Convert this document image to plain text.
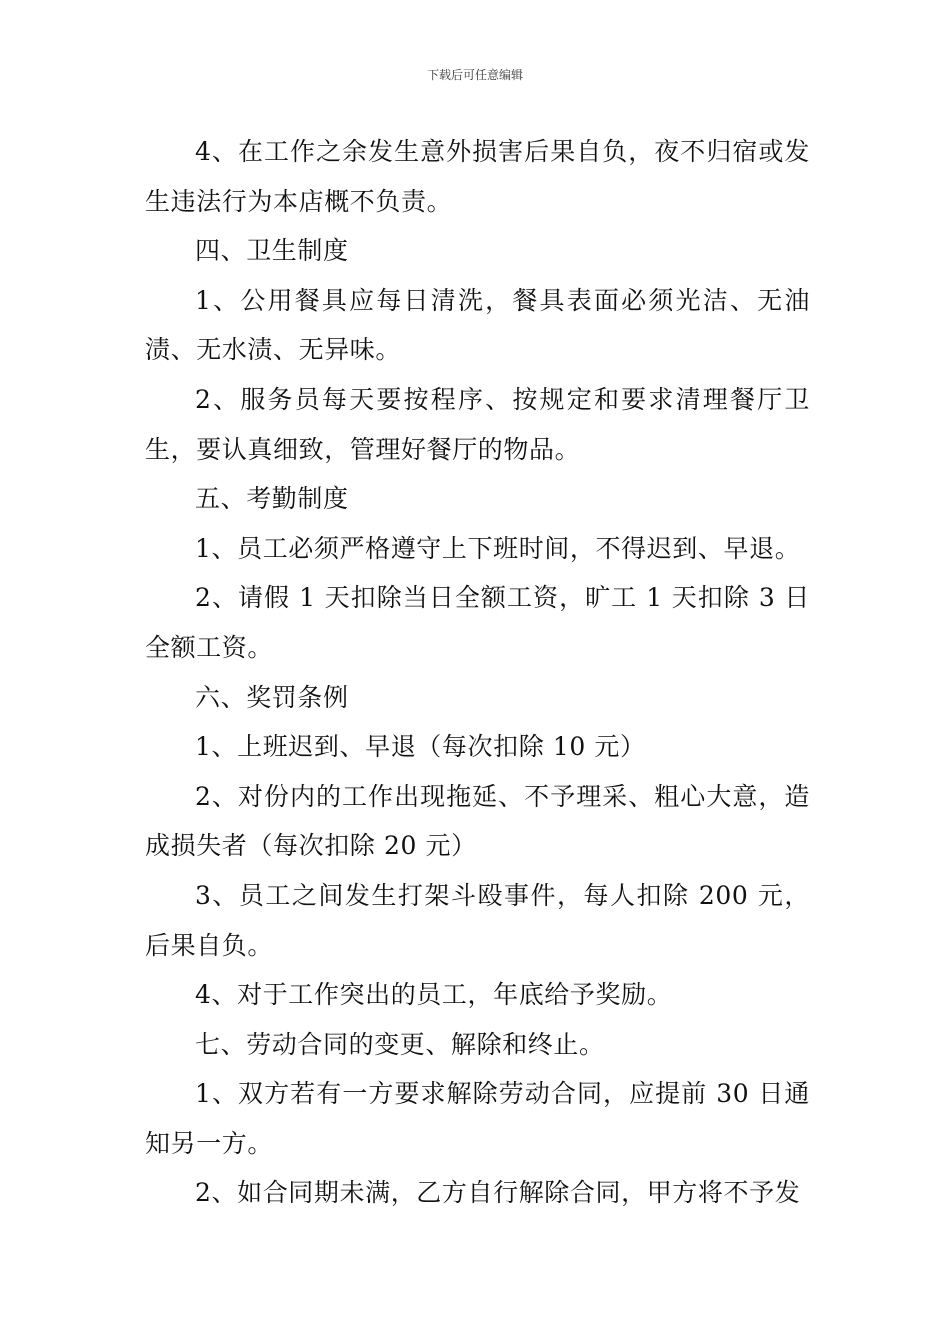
下载后可任意编辑

4、在工作之余发生意外损害后果自负，夜不归宿或发生违法行为本店概不负责。

四、卫生制度

1、公用餐具应每日清洗，餐具表面必须光洁、无油渍、无水渍、无异味。

2、服务员每天要按程序、按规定和要求清理餐厅卫生，要认真细致，管理好餐厅的物品。

五、考勤制度

1、员工必须严格遵守上下班时间，不得迟到、早退。

2、请假 1 天扣除当日全额工资，旷工 1 天扣除 3 日全额工资。

六、奖罚条例

1、上班迟到、早退（每次扣除 10 元）

2、对份内的工作出现拖延、不予理采、粗心大意，造成损失者（每次扣除 20 元）

3、员工之间发生打架斗殴事件，每人扣除 200 元，后果自负。

4、对于工作突出的员工，年底给予奖励。

七、劳动合同的变更、解除和终止。

1、双方若有一方要求解除劳动合同，应提前 30 日通知另一方。

2、如合同期未满，乙方自行解除合同，甲方将不予发
